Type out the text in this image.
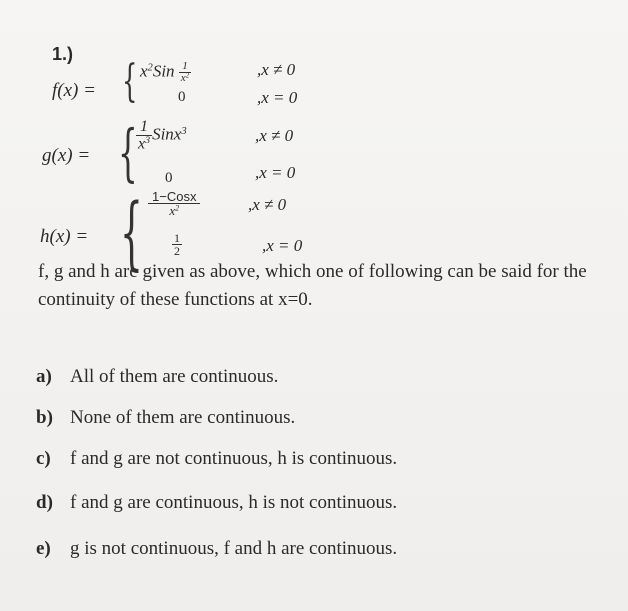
1.)
f(x) = { $x^2Sin \frac{1}{x^2}$
0
,x ≠ 0
,x = 0
g(x) = {
$\frac{1}{x^3}$ Sinx$^3$
0
,x ≠ 0
,x = 0
h(x) = { $\frac{\text{1−Cosx}}{x^2}$
$\frac{1}{2}$
,x ≠ 0
,x = 0
f, g and h are given as above, which one of following can be said for the continuity of these functions at x=0.
a) All of them are continuous.
b) None of them are continuous.
c) f and g are not continuous, h is continuous.
d) f and g are continuous, h is not continuous.
e) g is not continuous, f and h are continuous.
